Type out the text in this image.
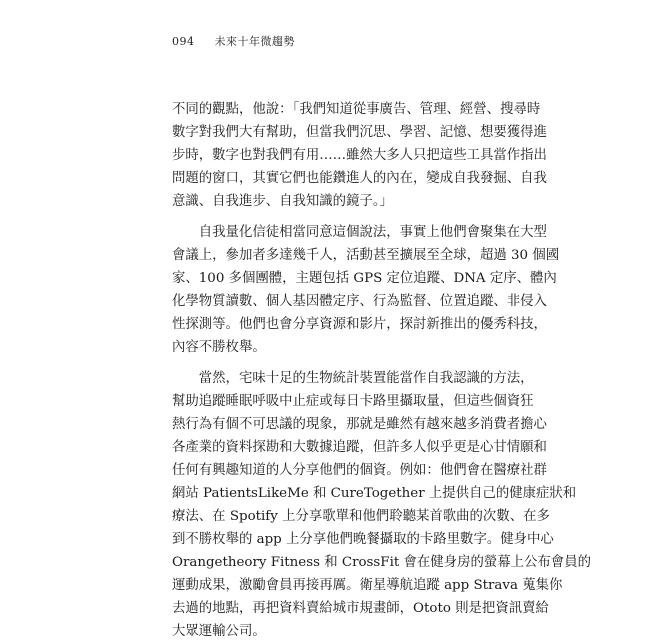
094 未來十年微趨勢
不同的觀點，他說：「我們知道從事廣告、管理、經營、搜尋時
數字對我們大有幫助，但當我們沉思、學習、記憶、想要獲得進
步時，數字也對我們有用……雖然大多人只把這些工具當作指出
問題的窗口，其實它們也能鑽進人的內在，變成自我發掘、自我
意識、自我進步、自我知識的鏡子。」
　　自我量化信徒相當同意這個說法，事實上他們會聚集在大型
會議上，參加者多達幾千人，活動甚至擴展至全球，超過 30 個國
家、100 多個團體，主題包括 GPS 定位追蹤、DNA 定序、體內
化學物質讀數、個人基因體定序、行為監督、位置追蹤、非侵入
性探測等。他們也會分享資源和影片，探討新推出的優秀科技，
內容不勝枚舉。
　　當然，宅味十足的生物統計裝置能當作自我認識的方法，
幫助追蹤睡眠呼吸中止症或每日卡路里攝取量，但這些個資狂
熱行為有個不可思議的現象，那就是雖然有越來越多消費者擔心
各產業的資料探勘和大數據追蹤，但許多人似乎更是心甘情願和
任何有興趣知道的人分享他們的個資。例如：他們會在醫療社群
網站 PatientsLikeMe 和 CureTogether 上提供自己的健康症狀和
療法、在 Spotify 上分享歌單和他們聆聽某首歌曲的次數、在多
到不勝枚舉的 app 上分享他們晚餐攝取的卡路里數字。健身中心
Orangetheory Fitness 和 CrossFit 會在健身房的螢幕上公布會員的
運動成果，激勵會員再接再厲。衛星導航追蹤 app Strava 蒐集你
去過的地點，再把資料賣給城市規畫師，Ototo 則是把資訊賣給
大眾運輸公司。
